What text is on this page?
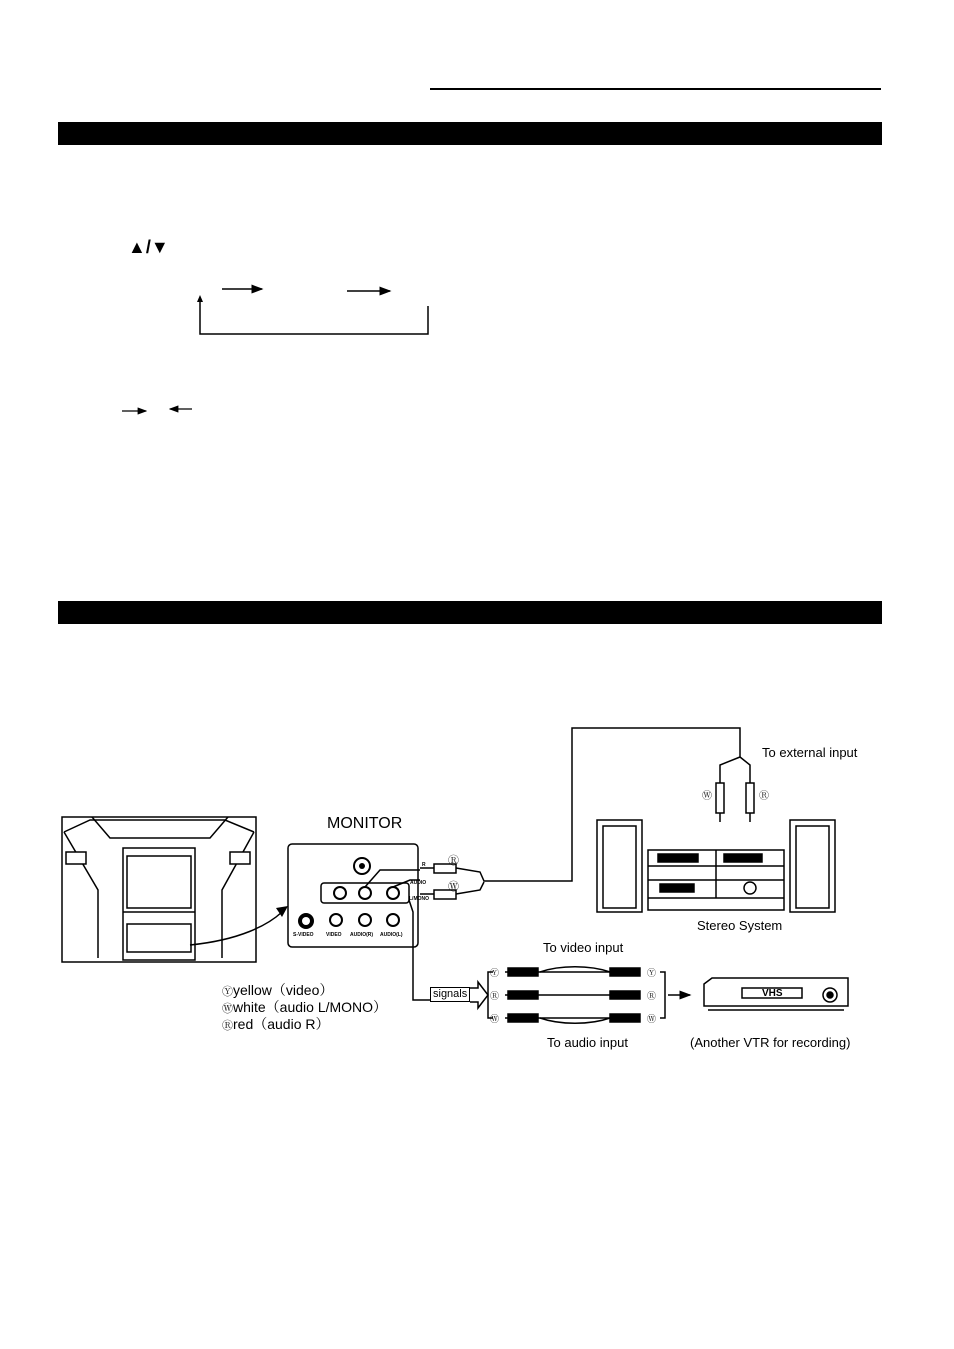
▲/▼
MONITOR
S-VIDEO VIDEO AUDIO(R) AUDIO(L)
AUDIO
L/MONO
R Ⓡ
Ⓦ
Ⓦ	Ⓡ
To external input
Stereo System
To video input
To audio input
signals	VHS
(Another VTR for recording)
Ⓨ
Ⓡ
Ⓦ
Ⓨ
Ⓡ
Ⓦ
Ⓨyellow（video）
Ⓦwhite（audio L/MONO）
Ⓡred（audio R）
